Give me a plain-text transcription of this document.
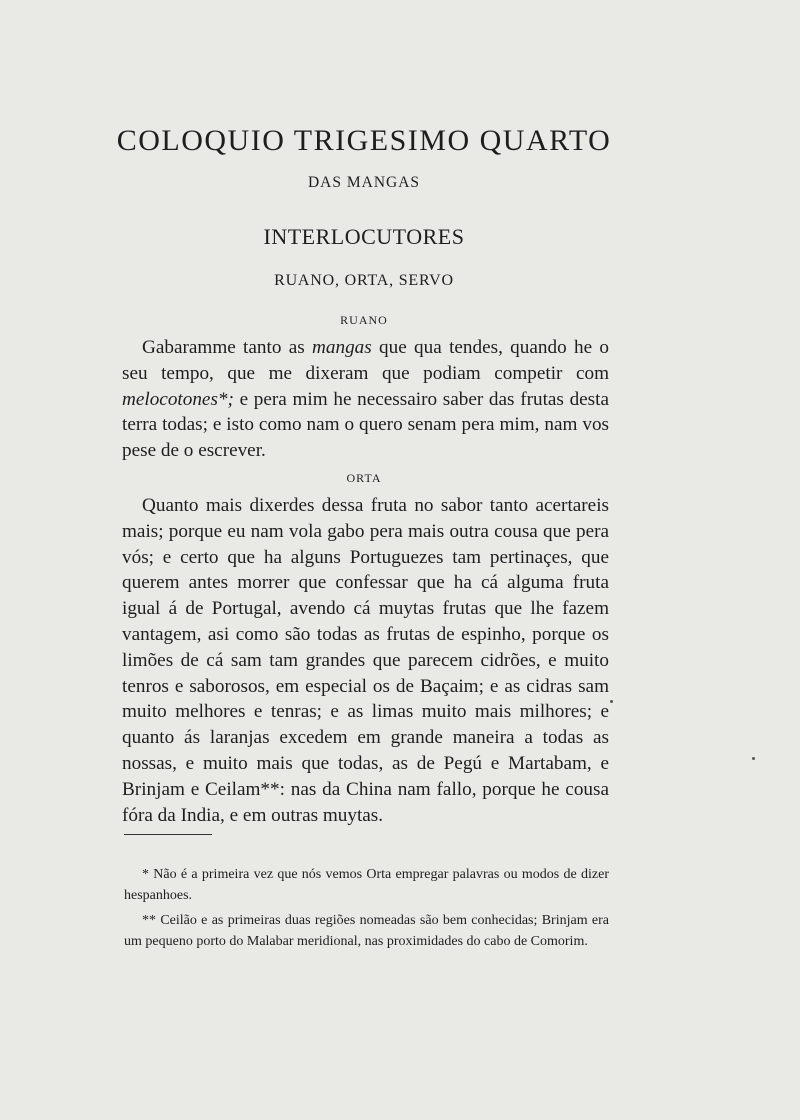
COLOQUIO TRIGESIMO QUARTO
DAS MANGAS
INTERLOCUTORES
RUANO, ORTA, SERVO
RUANO

Gabaramme tanto as mangas que qua tendes, quando he o seu tempo, que me dixeram que podiam competir com melocotones*; e pera mim he necessairo saber das frutas desta terra todas; e isto como nam o quero senam pera mim, nam vos pese de o escrever.

ORTA

Quanto mais dixerdes dessa fruta no sabor tanto acertareis mais; porque eu nam vola gabo pera mais outra cousa que pera vós; e certo que ha alguns Portuguezes tam pertinaçes, que querem antes morrer que confessar que ha cá alguma fruta igual á de Portugal, avendo cá muytas frutas que lhe fazem vantagem, asi como são todas as frutas de espinho, porque os limões de cá sam tam grandes que parecem cidrões, e muito tenros e saborosos, em especial os de Baçaim; e as cidras sam muito melhores e tenras; e as limas muito mais milhores; e quanto ás laranjas excedem em grande maneira a todas as nossas, e muito mais que todas, as de Pegú e Martabam, e Brinjam e Ceilam**: nas da China nam fallo, porque he cousa fóra da India, e em outras muytas.

* Não é a primeira vez que nós vemos Orta empregar palavras ou modos de dizer hespanhoes.

** Ceilão e as primeiras duas regiões nomeadas são bem conhecidas; Brinjam era um pequeno porto do Malabar meridional, nas proximidades do cabo de Comorim.
